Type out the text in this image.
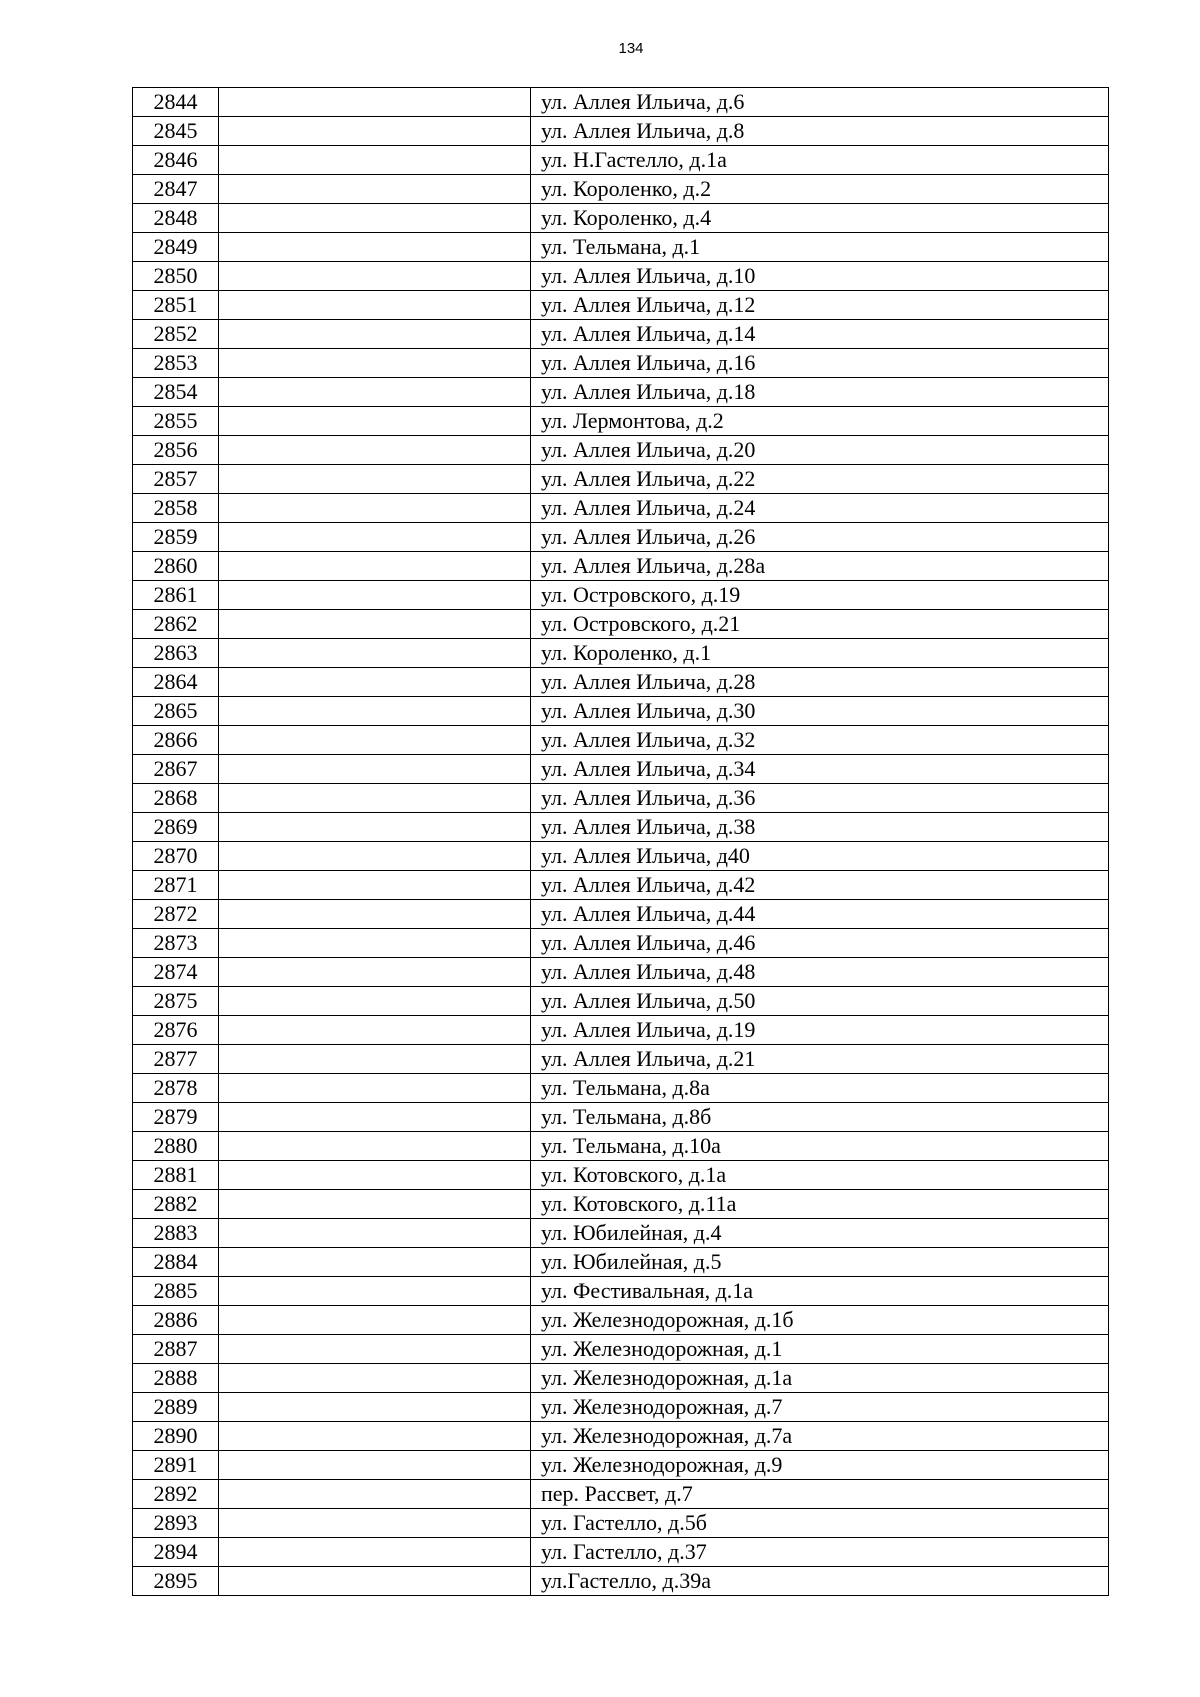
134
2844		ул. Аллея Ильича, д.6
2845		ул. Аллея Ильича, д.8
2846		ул. Н.Гастелло, д.1а
2847		ул. Короленко, д.2
2848		ул. Короленко, д.4
2849		ул. Тельмана, д.1
2850		ул. Аллея Ильича, д.10
2851		ул. Аллея Ильича, д.12
2852		ул. Аллея Ильича, д.14
2853		ул. Аллея Ильича, д.16
2854		ул. Аллея Ильича, д.18
2855		ул. Лермонтова, д.2
2856		ул. Аллея Ильича, д.20
2857		ул. Аллея Ильича, д.22
2858		ул. Аллея Ильича, д.24
2859		ул. Аллея Ильича, д.26
2860		ул. Аллея Ильича, д.28а
2861		ул. Островского, д.19
2862		ул. Островского, д.21
2863		ул. Короленко, д.1
2864		ул. Аллея Ильича, д.28
2865		ул. Аллея Ильича, д.30
2866		ул. Аллея Ильича, д.32
2867		ул. Аллея Ильича, д.34
2868		ул. Аллея Ильича, д.36
2869		ул. Аллея Ильича, д.38
2870		ул. Аллея Ильича, д40
2871		ул. Аллея Ильича, д.42
2872		ул. Аллея Ильича, д.44
2873		ул. Аллея Ильича, д.46
2874		ул. Аллея Ильича, д.48
2875		ул. Аллея Ильича, д.50
2876		ул. Аллея Ильича, д.19
2877		ул. Аллея Ильича, д.21
2878		ул. Тельмана, д.8а
2879		ул. Тельмана, д.8б
2880		ул. Тельмана, д.10а
2881		ул. Котовского, д.1а
2882		ул. Котовского, д.11а
2883		ул. Юбилейная, д.4
2884		ул. Юбилейная, д.5
2885		ул. Фестивальная, д.1а
2886		ул. Железнодорожная, д.1б
2887		ул. Железнодорожная, д.1
2888		ул. Железнодорожная, д.1а
2889		ул. Железнодорожная, д.7
2890		ул. Железнодорожная, д.7а
2891		ул. Железнодорожная, д.9
2892		пер. Рассвет, д.7
2893		ул. Гастелло, д.5б
2894		ул. Гастелло, д.37
2895		ул.Гастелло, д.39а
